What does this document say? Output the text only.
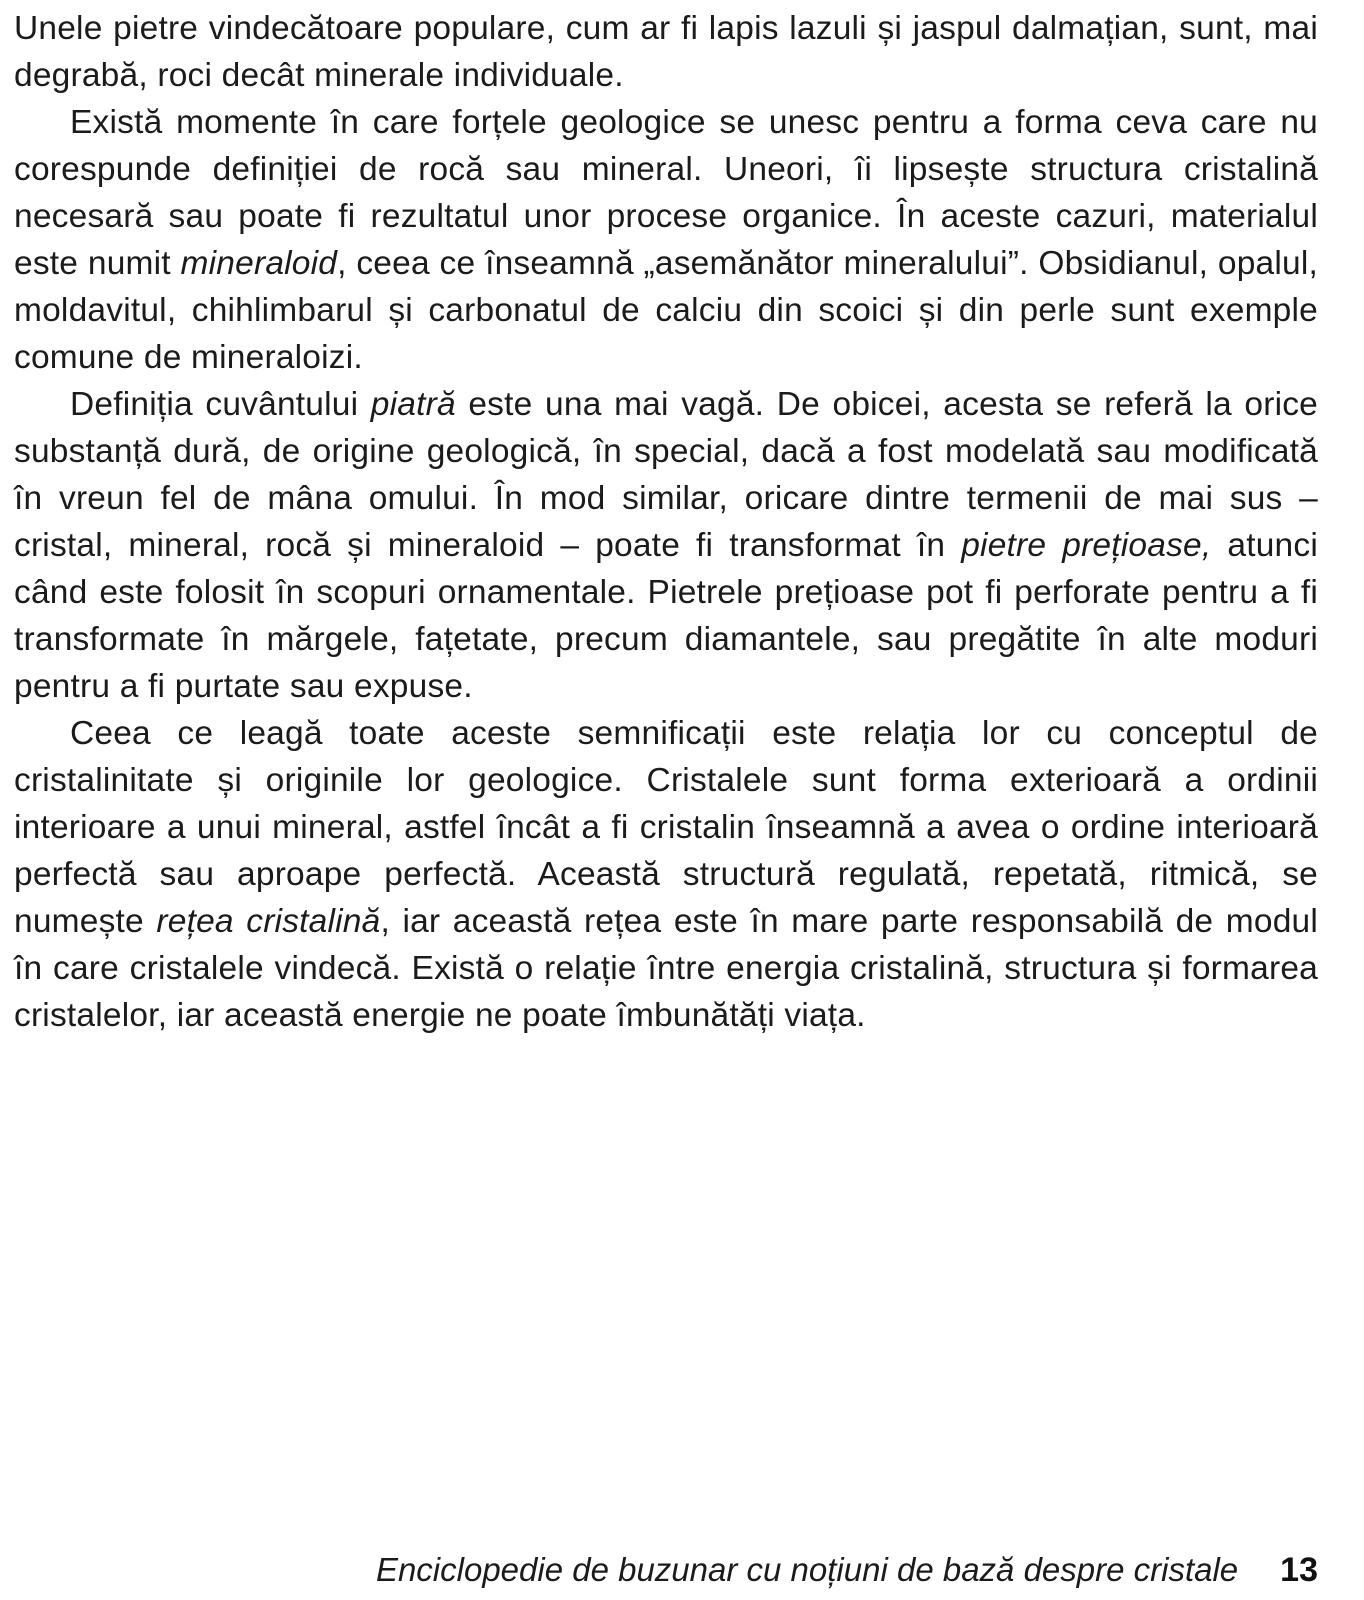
Unele pietre vindecătoare populare, cum ar fi lapis lazuli și jaspul dalmațian, sunt, mai degrabă, roci decât minerale individuale.

Există momente în care forțele geologice se unesc pentru a forma ceva care nu corespunde definiției de rocă sau mineral. Uneori, îi lipsește structura cristalină necesară sau poate fi rezultatul unor procese organice. În aceste cazuri, materialul este numit mineraloid, ceea ce înseamnă „asemănător mineralului”. Obsidianul, opalul, moldavitul, chihlimbarul și carbonatul de calciu din scoici și din perle sunt exemple comune de mineraloizi.

Definiția cuvântului piatră este una mai vagă. De obicei, acesta se referă la orice substanță dură, de origine geologică, în special, dacă a fost modelată sau modificată în vreun fel de mâna omului. În mod similar, oricare dintre termenii de mai sus – cristal, mineral, rocă și mineraloid – poate fi transformat în pietre prețioase, atunci când este folosit în scopuri ornamentale. Pietrele prețioase pot fi perforate pentru a fi transformate în mărgele, fațetate, precum diamantele, sau pregătite în alte moduri pentru a fi purtate sau expuse.

Ceea ce leagă toate aceste semnificații este relația lor cu conceptul de cristalinitate și originile lor geologice. Cristalele sunt forma exterioară a ordinii interioare a unui mineral, astfel încât a fi cristalin înseamnă a avea o ordine interioară perfectă sau aproape perfectă. Această structură regulată, repetată, ritmică, se numește rețea cristalină, iar această rețea este în mare parte responsabilă de modul în care cristalele vindecă. Există o relație între energia cristalină, structura și formarea cristalelor, iar această energie ne poate îmbunătăți viața.

Enciclopedie de buzunar cu noțiuni de bază despre cristale 13
